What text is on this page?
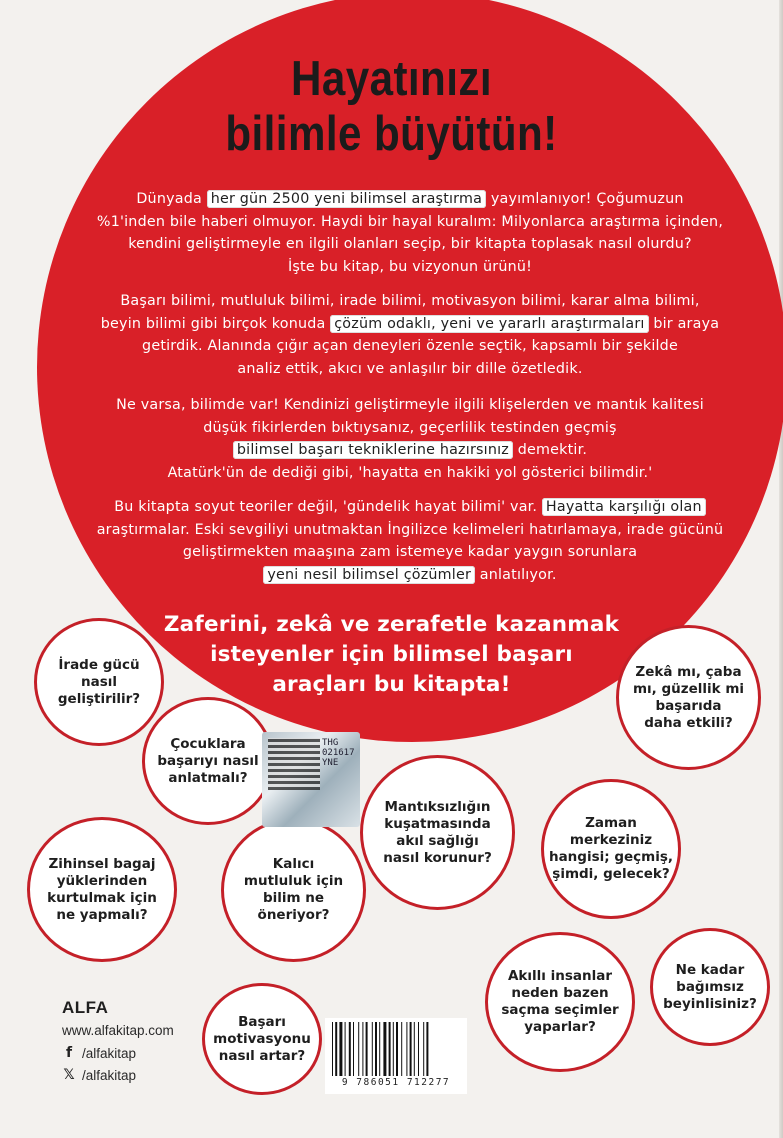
Hayatınızı
bilimle büyütün!
Dünyada her gün 2500 yeni bilimsel araştırma yayımlanıyor! Çoğumuzun
%1'inden bile haberi olmuyor. Haydi bir hayal kuralım: Milyonlarca araştırma içinden,
kendini geliştirmeyle en ilgili olanları seçip, bir kitapta toplasak nasıl olurdu?
İşte bu kitap, bu vizyonun ürünü!
Başarı bilimi, mutluluk bilimi, irade bilimi, motivasyon bilimi, karar alma bilimi,
beyin bilimi gibi birçok konuda çözüm odaklı, yeni ve yararlı araştırmaları bir araya
getirdik. Alanında çığır açan deneyleri özenle seçtik, kapsamlı bir şekilde
analiz ettik, akıcı ve anlaşılır bir dille özetledik.
Ne varsa, bilimde var! Kendinizi geliştirmeyle ilgili klişelerden ve mantık kalitesi
düşük fikirlerden bıktıysanız, geçerlilik testinden geçmiş
bilimsel başarı tekniklerine hazırsınız demektir.
Atatürk'ün de dediği gibi, 'hayatta en hakiki yol gösterici bilimdir.'
Bu kitapta soyut teoriler değil, 'gündelik hayat bilimi' var. Hayatta karşılığı olan
araştırmalar. Eski sevgiliyi unutmaktan İngilizce kelimeleri hatırlamaya, irade gücünü
geliştirmekten maaşına zam istemeye kadar yaygın sorunlara
yeni nesil bilimsel çözümler anlatılıyor.
Zaferini, zekâ ve zerafetle kazanmak
isteyenler için bilimsel başarı
araçları bu kitapta!
İrade gücü
nasıl
geliştirilir?
Zekâ mı, çaba
mı, güzellik mi
başarıda
daha etkili?
Çocuklara
başarıyı nasıl
anlatmalı?
Mantıksızlığın
kuşatmasında
akıl sağlığı
nasıl korunur?
Zaman
merkeziniz
hangisi; geçmiş,
şimdi, gelecek?
Zihinsel bagaj
yüklerinden
kurtulmak için
ne yapmalı?
Kalıcı
mutluluk için
bilim ne
öneriyor?
Ne kadar
bağımsız
beyinlisiniz?
Akıllı insanlar
neden bazen
saçma seçimler
yaparlar?
Başarı
motivasyonu
nasıl artar?
THG 021617 YNE
ALFA
www.alfakitap.com
f /alfakitap
𝕏 /alfakitap	9 786051 712277
